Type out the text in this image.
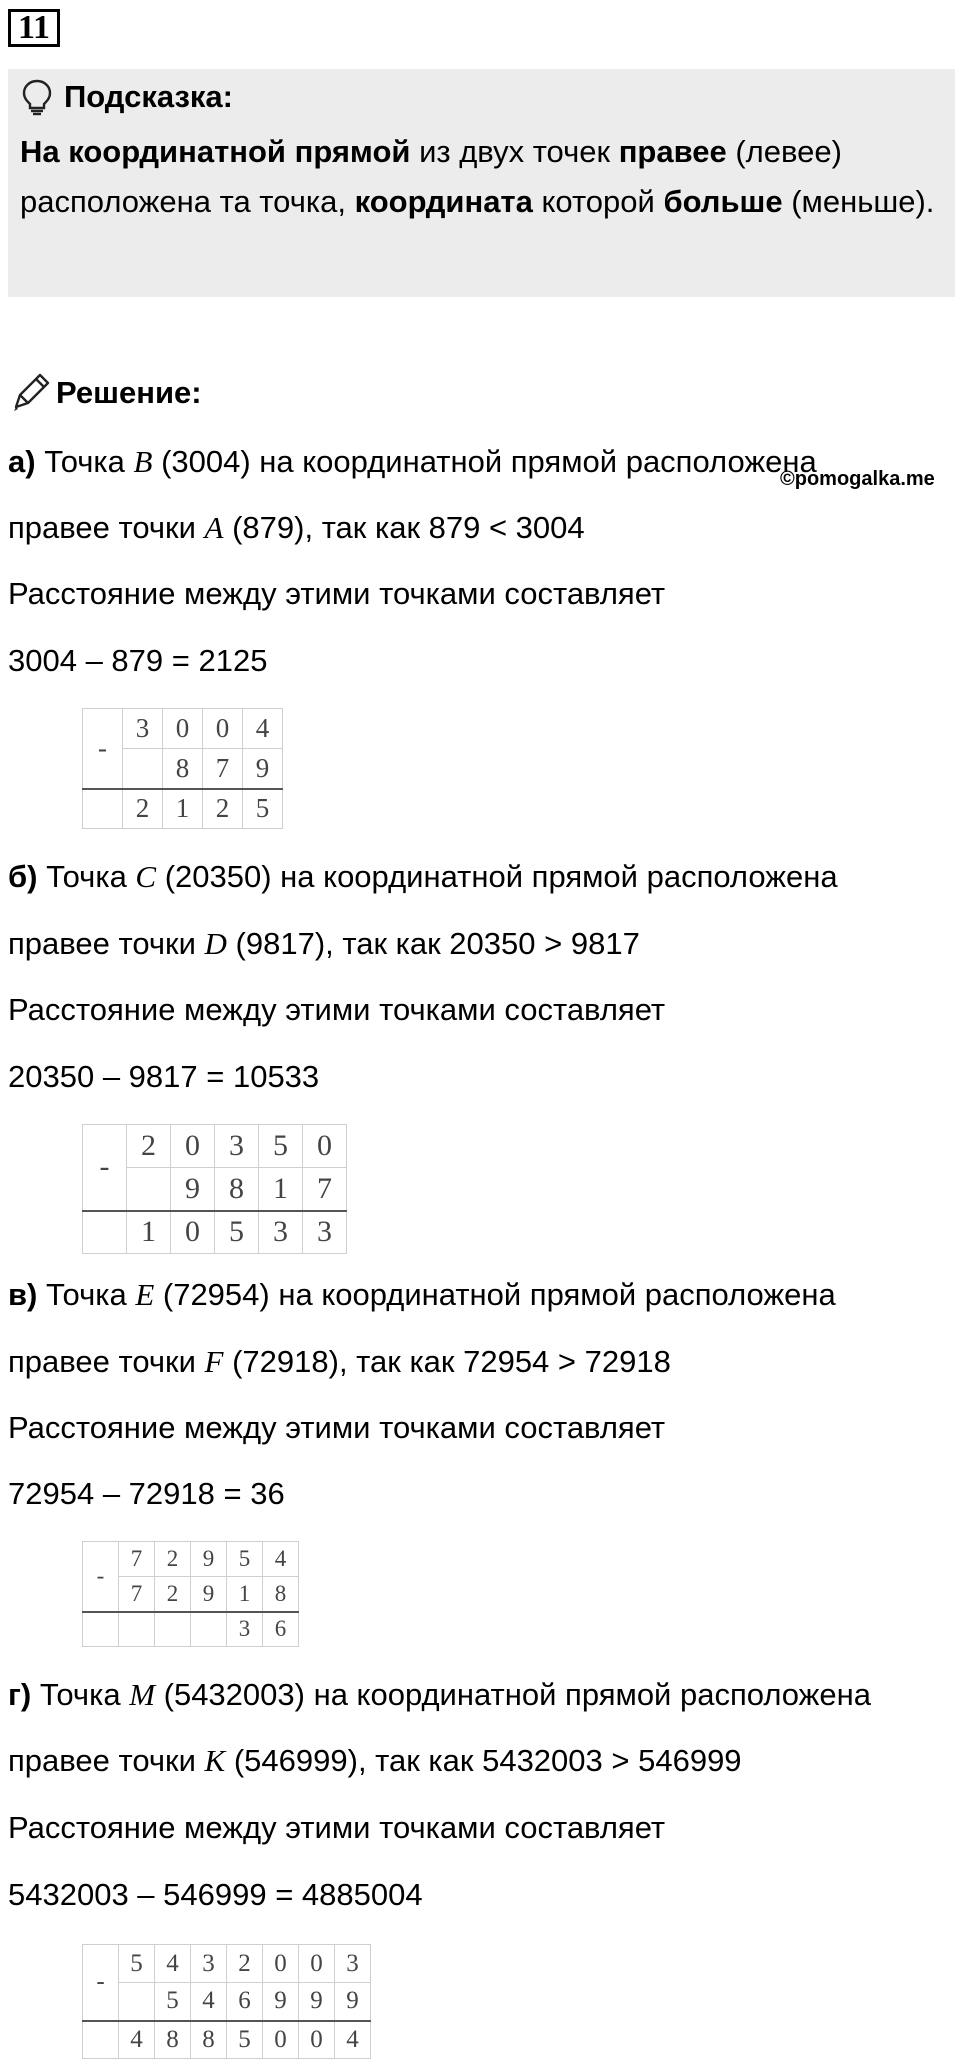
11
Подсказка:
На координатной прямой из двух точек правее (левее) расположена та точка, координата которой больше (меньше).
Решение:
©pomogalka.me
а) Точка B (3004) на координатной прямой расположена
правее точки A (879), так как 879 < 3004
Расстояние между этими точками составляет
3004 – 879 = 2125
-	3	0	0	4
		8	7	9
	2	1	2	5
б) Точка C (20350) на координатной прямой расположена
правее точки D (9817), так как 20350 > 9817
Расстояние между этими точками составляет
20350 – 9817 = 10533
-	2	0	3	5	0
		9	8	1	7
	1	0	5	3	3
в) Точка E (72954) на координатной прямой расположена
правее точки F (72918), так как 72954 > 72918
Расстояние между этими точками составляет
72954 – 72918 = 36
-	7	2	9	5	4
	7	2	9	1	8
				3	6
г) Точка M (5432003) на координатной прямой расположена
правее точки K (546999), так как 5432003 > 546999
Расстояние между этими точками составляет
5432003 – 546999 = 4885004
-	5	4	3	2	0	0	3
		5	4	6	9	9	9
	4	8	8	5	0	0	4
